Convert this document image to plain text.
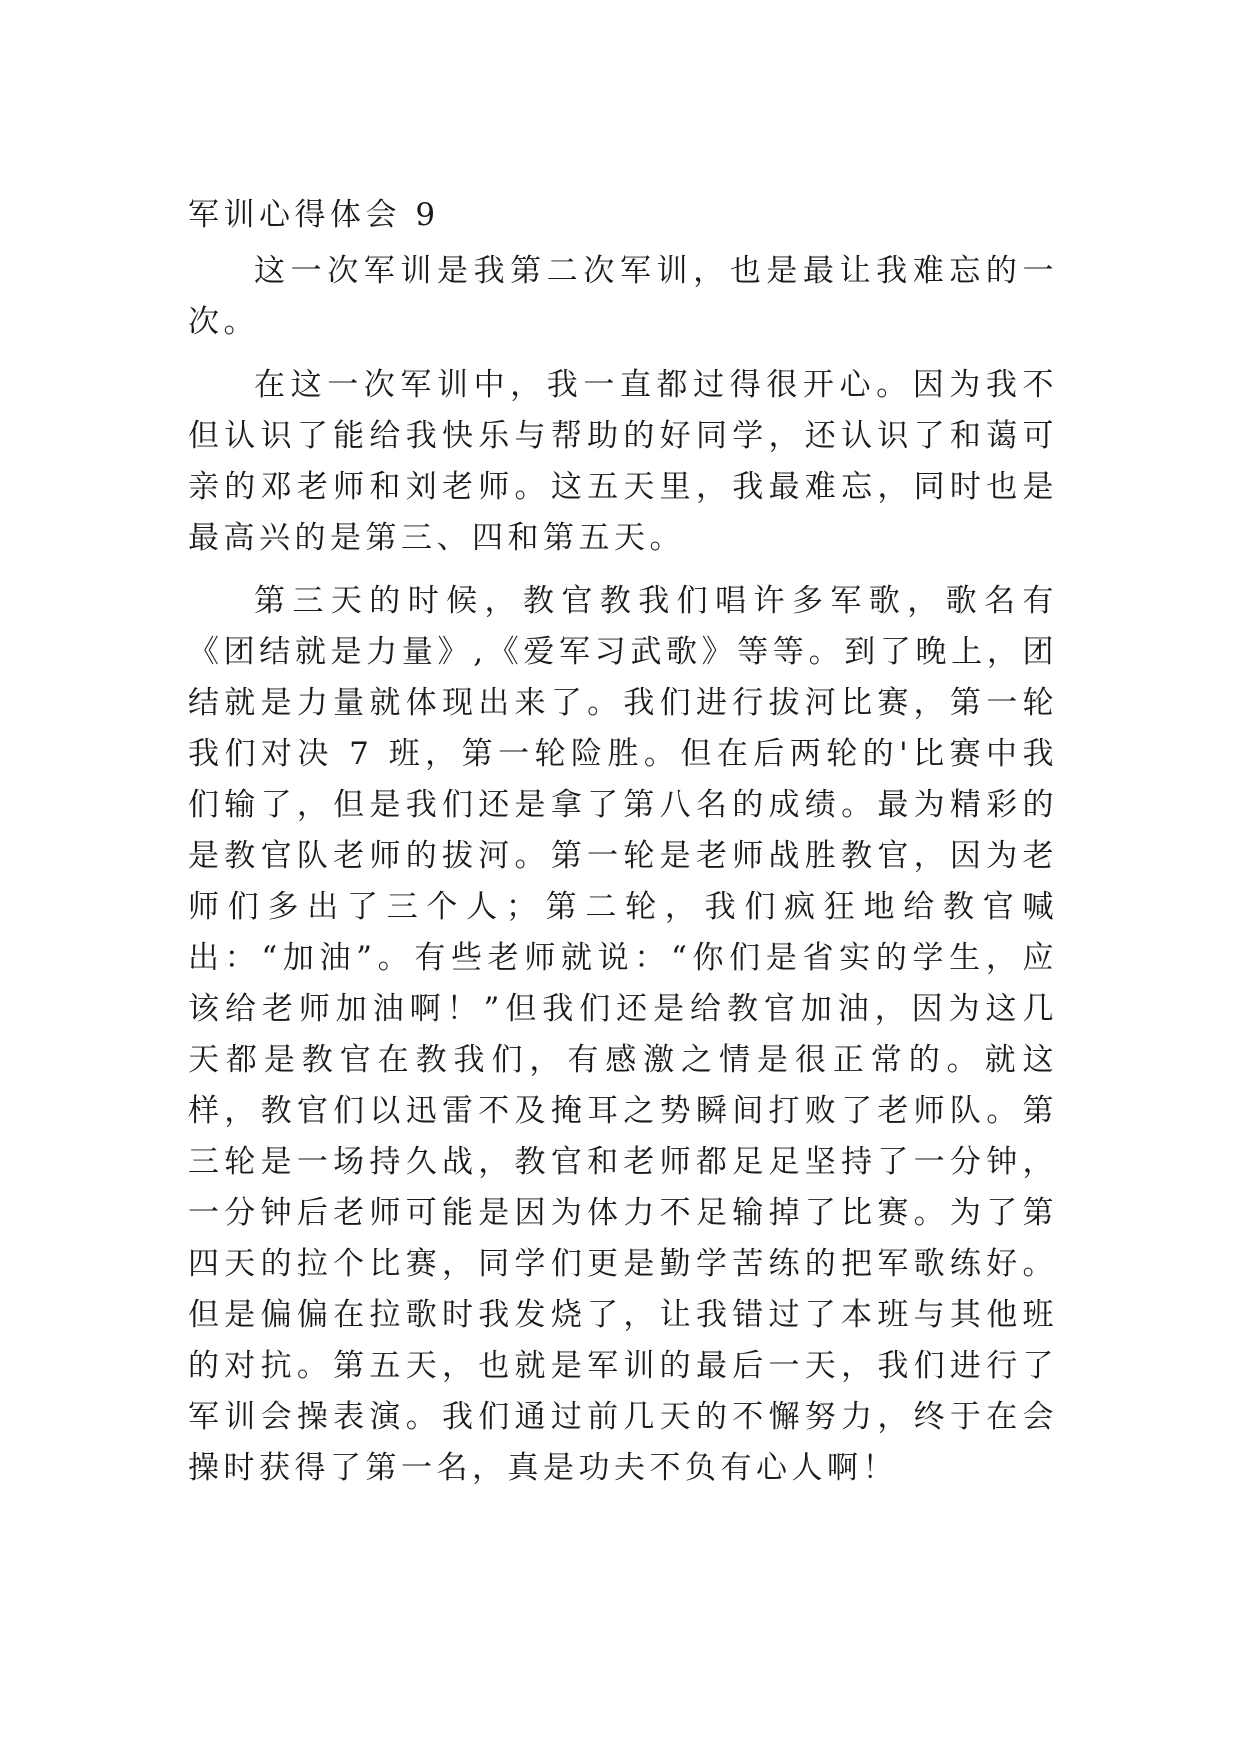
军训心得体会 9

这一次军训是我第二次军训，也是最让我难忘的一次。

在这一次军训中，我一直都过得很开心。因为我不但认识了能给我快乐与帮助的好同学，还认识了和蔼可亲的邓老师和刘老师。这五天里，我最难忘，同时也是最高兴的是第三、四和第五天。

第三天的时候，教官教我们唱许多军歌，歌名有《团结就是力量》,《爱军习武歌》等等。到了晚上，团结就是力量就体现出来了。我们进行拔河比赛，第一轮我们对决 7 班，第一轮险胜。但在后两轮的'比赛中我们输了，但是我们还是拿了第八名的成绩。最为精彩的是教官队老师的拔河。第一轮是老师战胜教官，因为老师们多出了三个人；第二轮，我们疯狂地给教官喊出：“加油”。有些老师就说：“你们是省实的学生，应该给老师加油啊！”但我们还是给教官加油，因为这几天都是教官在教我们，有感激之情是很正常的。就这样，教官们以迅雷不及掩耳之势瞬间打败了老师队。第三轮是一场持久战，教官和老师都足足坚持了一分钟，一分钟后老师可能是因为体力不足输掉了比赛。为了第四天的拉个比赛，同学们更是勤学苦练的把军歌练好。但是偏偏在拉歌时我发烧了，让我错过了本班与其他班的对抗。第五天，也就是军训的最后一天，我们进行了军训会操表演。我们通过前几天的不懈努力，终于在会操时获得了第一名，真是功夫不负有心人啊！
